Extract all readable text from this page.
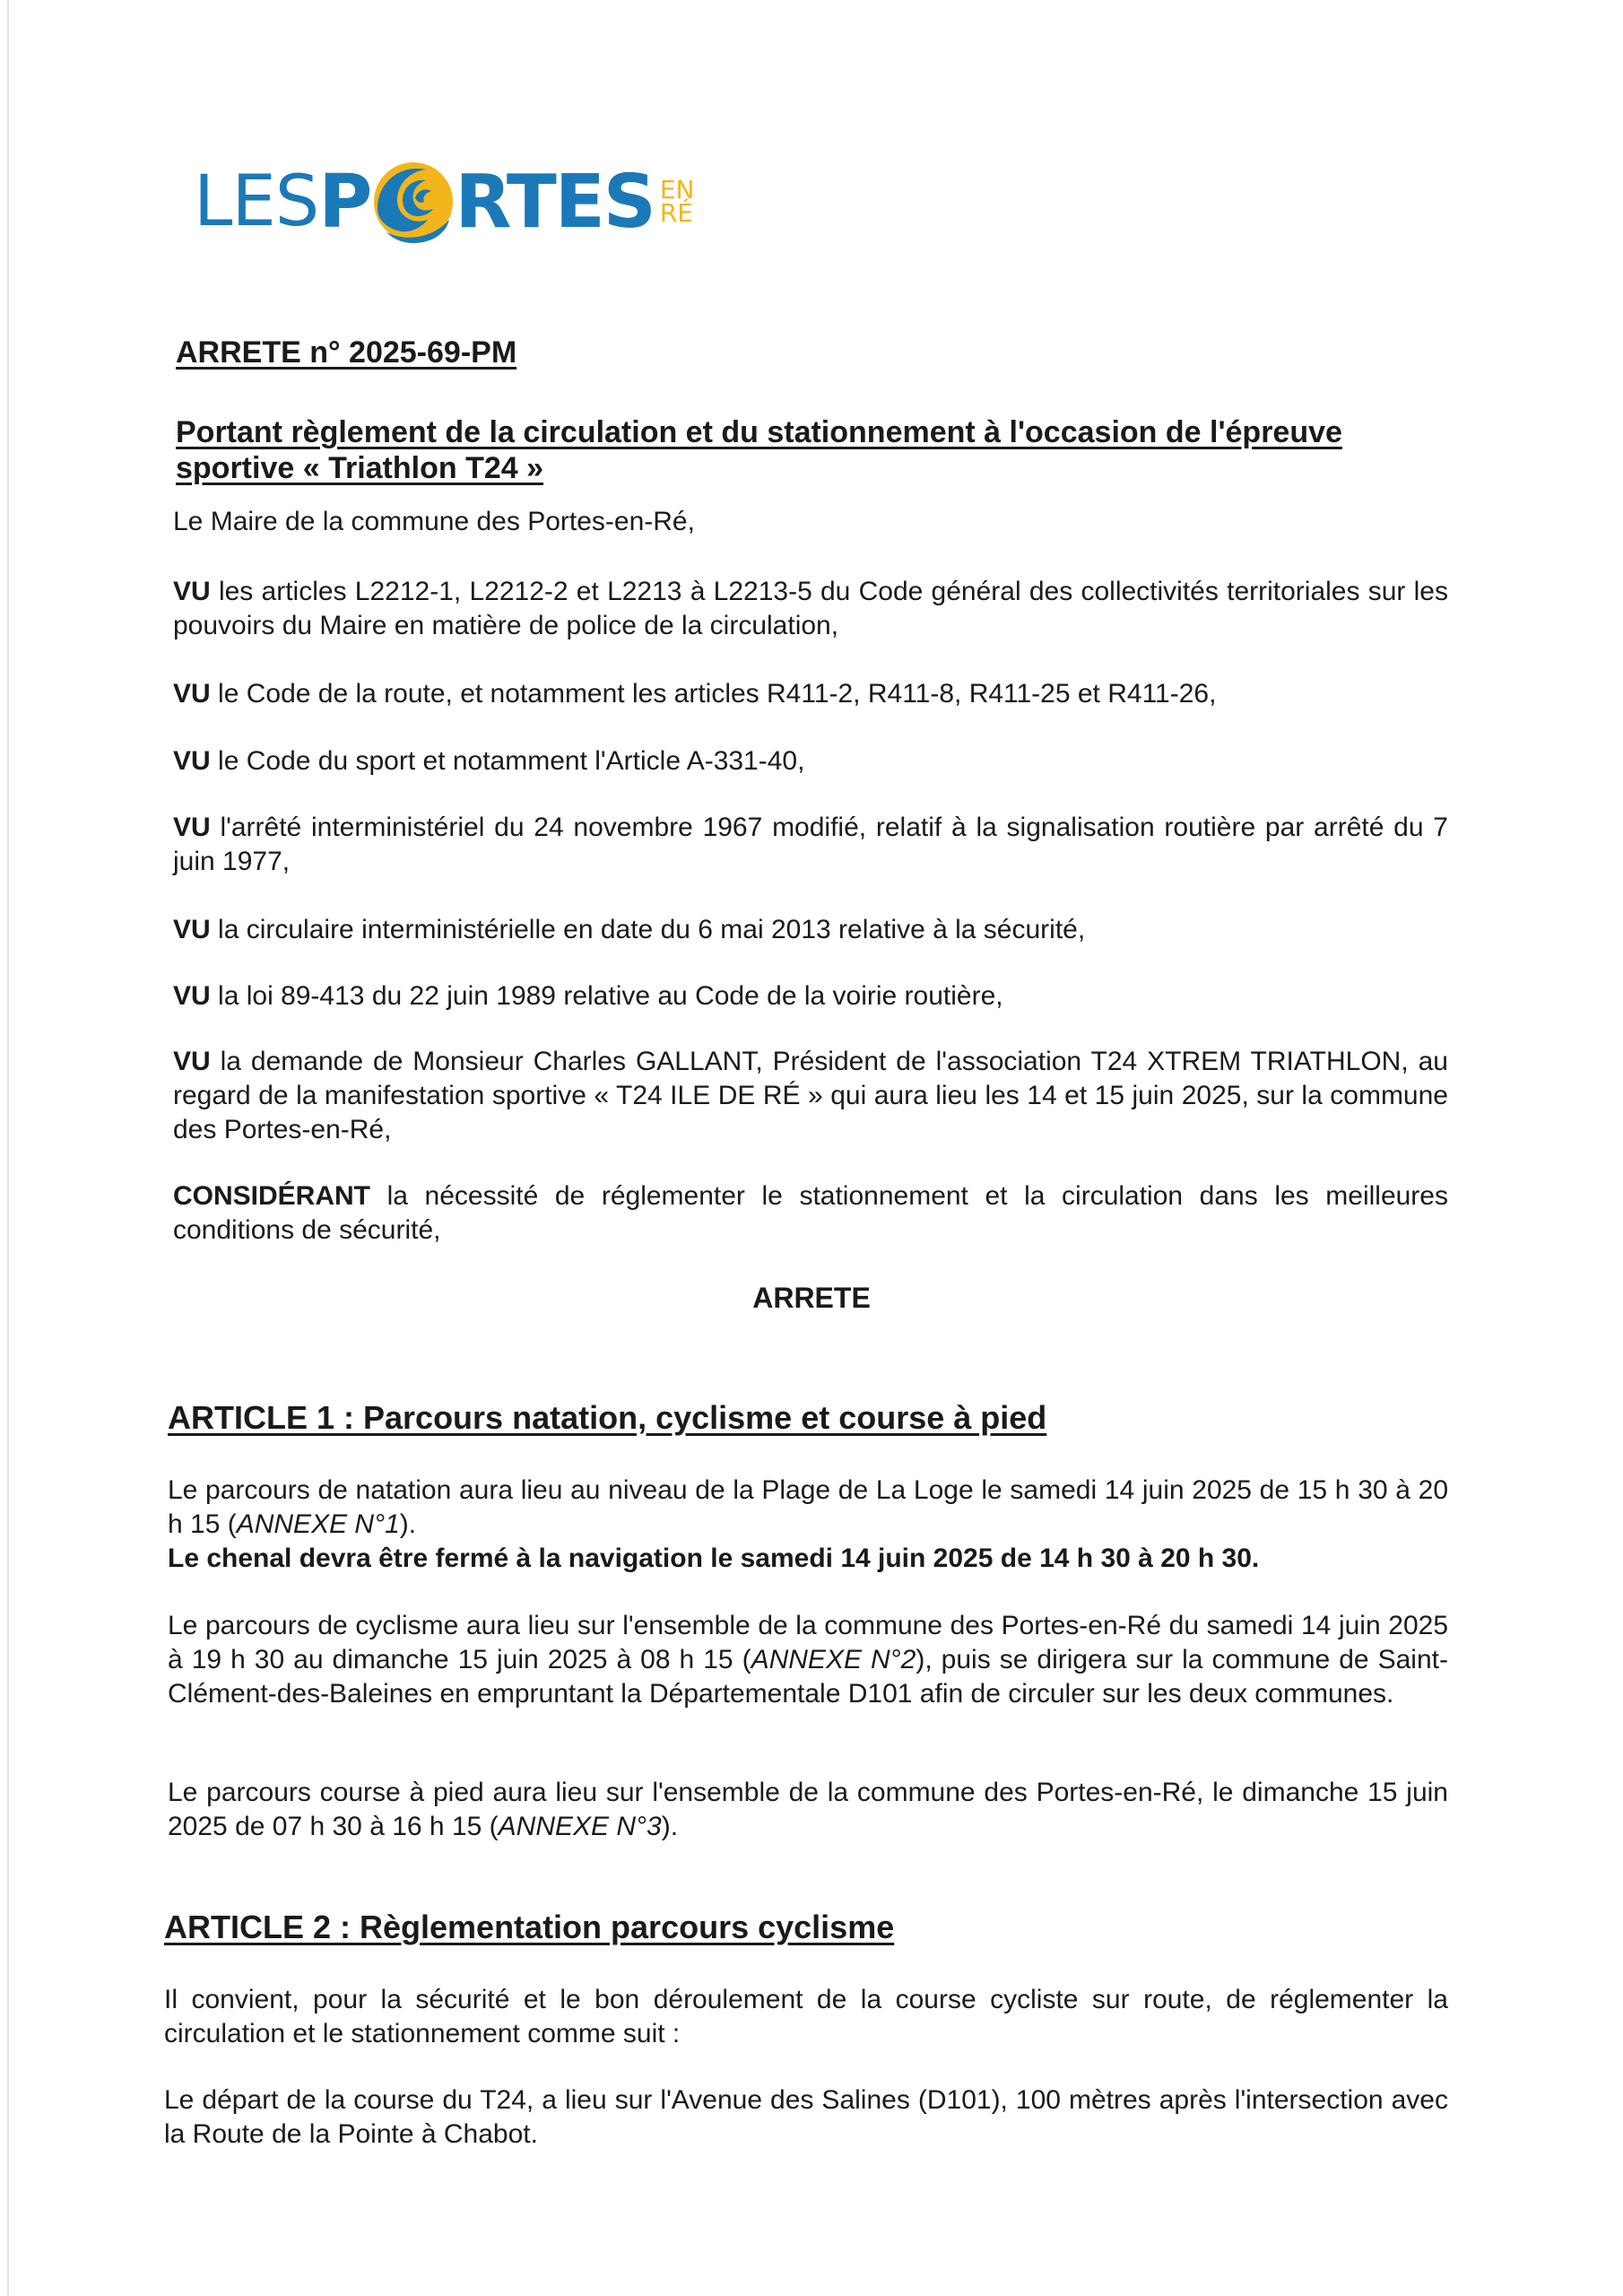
LES P RTES EN
RÉ
ARRETE n° 2025-69-PM
Portant règlement de la circulation et du stationnement à l'occasion de l'épreuve sportive « Triathlon T24 »
Le Maire de la commune des Portes-en-Ré,
VU les articles L2212-1, L2212-2 et L2213 à L2213-5 du Code général des collectivités territoriales sur les pouvoirs du Maire en matière de police de la circulation,
VU le Code de la route, et notamment les articles R411-2, R411-8, R411-25 et R411-26,
VU le Code du sport et notamment l'Article A-331-40,
VU l'arrêté interministériel du 24 novembre 1967 modifié, relatif à la signalisation routière par arrêté du 7 juin 1977,
VU la circulaire interministérielle en date du 6 mai 2013 relative à la sécurité,
VU la loi 89-413 du 22 juin 1989 relative au Code de la voirie routière,
VU la demande de Monsieur Charles GALLANT, Président de l'association T24 XTREM TRIATHLON, au regard de la manifestation sportive « T24 ILE DE RÉ » qui aura lieu les 14 et 15 juin 2025, sur la commune des Portes-en-Ré,
CONSIDÉRANT la nécessité de réglementer le stationnement et la circulation dans les meilleures conditions de sécurité,
ARRETE
ARTICLE 1 : Parcours natation, cyclisme et course à pied
Le parcours de natation aura lieu au niveau de la Plage de La Loge le samedi 14 juin 2025 de 15 h 30 à 20 h 15 (ANNEXE N°1).
Le chenal devra être fermé à la navigation le samedi 14 juin 2025 de 14 h 30 à 20 h 30.
Le parcours de cyclisme aura lieu sur l'ensemble de la commune des Portes-en-Ré du samedi 14 juin 2025 à 19 h 30 au dimanche 15 juin 2025 à 08 h 15 (ANNEXE N°2), puis se dirigera sur la commune de Saint-Clément-des-Baleines en empruntant la Départementale D101 afin de circuler sur les deux communes.
Le parcours course à pied aura lieu sur l'ensemble de la commune des Portes-en-Ré, le dimanche 15 juin 2025 de 07 h 30 à 16 h 15 (ANNEXE N°3).
ARTICLE 2 : Règlementation parcours cyclisme
Il convient, pour la sécurité et le bon déroulement de la course cycliste sur route, de réglementer la circulation et le stationnement comme suit :
Le départ de la course du T24, a lieu sur l'Avenue des Salines (D101), 100 mètres après l'intersection avec la Route de la Pointe à Chabot.
